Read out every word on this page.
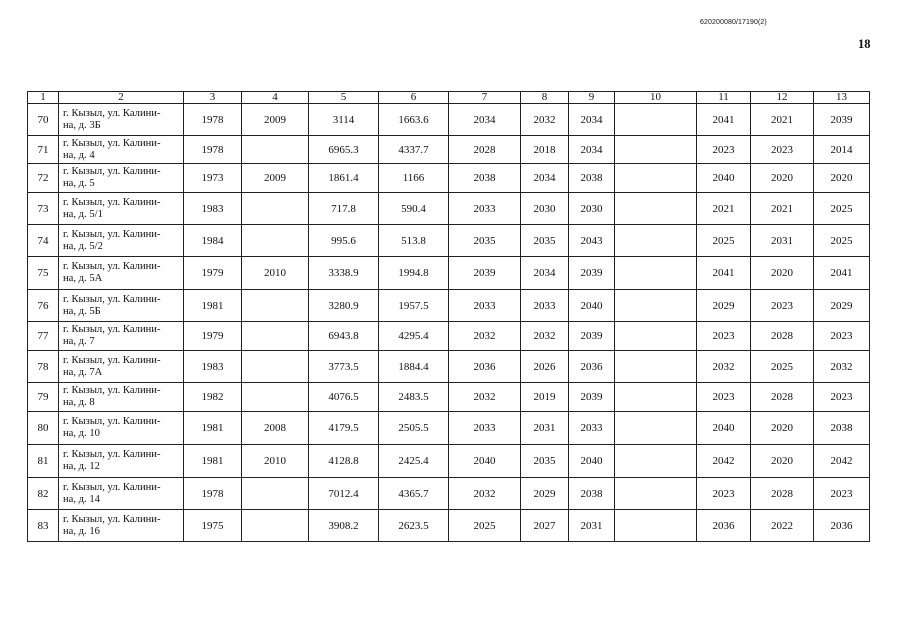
620200080/17190(2)
18
1	2	3	4	5	6	7	8	9	10	11	12	13
70	г. Кызыл, ул. Калини-
на, д. 3Б	1978	2009	3114	1663.6	2034	2032	2034		2041	2021	2039
71	г. Кызыл, ул. Калини-
на, д. 4	1978		6965.3	4337.7	2028	2018	2034		2023	2023	2014
72	г. Кызыл, ул. Калини-
на, д. 5	1973	2009	1861.4	1166	2038	2034	2038		2040	2020	2020
73	г. Кызыл, ул. Калини-
на, д. 5/1	1983		717.8	590.4	2033	2030	2030		2021	2021	2025
74	г. Кызыл, ул. Калини-
на, д. 5/2	1984		995.6	513.8	2035	2035	2043		2025	2031	2025
75	г. Кызыл, ул. Калини-
на, д. 5А	1979	2010	3338.9	1994.8	2039	2034	2039		2041	2020	2041
76	г. Кызыл, ул. Калини-
на, д. 5Б	1981		3280.9	1957.5	2033	2033	2040		2029	2023	2029
77	г. Кызыл, ул. Калини-
на, д. 7	1979		6943.8	4295.4	2032	2032	2039		2023	2028	2023
78	г. Кызыл, ул. Калини-
на, д. 7А	1983		3773.5	1884.4	2036	2026	2036		2032	2025	2032
79	г. Кызыл, ул. Калини-
на, д. 8	1982		4076.5	2483.5	2032	2019	2039		2023	2028	2023
80	г. Кызыл, ул. Калини-
на, д. 10	1981	2008	4179.5	2505.5	2033	2031	2033		2040	2020	2038
81	г. Кызыл, ул. Калини-
на, д. 12	1981	2010	4128.8	2425.4	2040	2035	2040		2042	2020	2042
82	г. Кызыл, ул. Калини-
на, д. 14	1978		7012.4	4365.7	2032	2029	2038		2023	2028	2023
83	г. Кызыл, ул. Калини-
на, д. 16	1975		3908.2	2623.5	2025	2027	2031		2036	2022	2036
